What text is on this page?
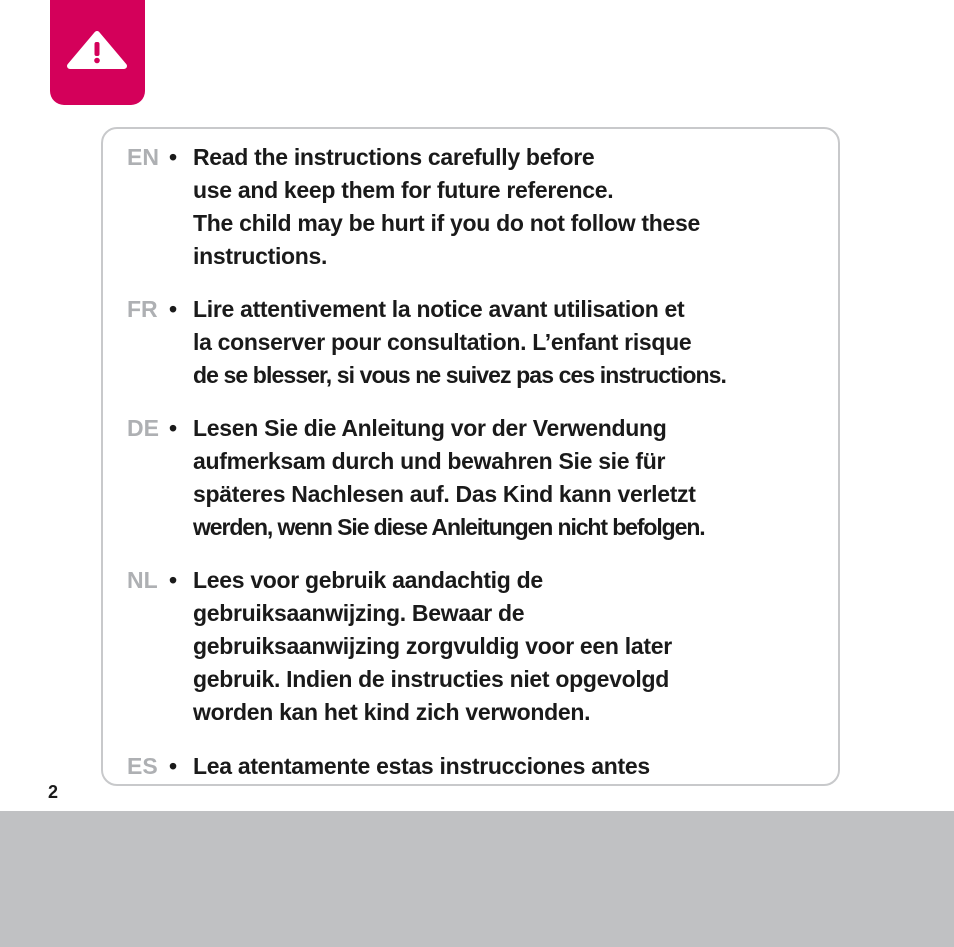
EN • Read the instructions carefully before
use and keep them for future reference.
The child may be hurt if you do not follow these
instructions.
FR • Lire attentivement la notice avant utilisation et
la conserver pour consultation. L’enfant risque
de se blesser, si vous ne suivez pas ces instructions.
DE • Lesen Sie die Anleitung vor der Verwendung
aufmerksam durch und bewahren Sie sie für
späteres Nachlesen auf. Das Kind kann verletzt
werden, wenn Sie diese Anleitungen nicht befolgen.
NL • Lees voor gebruik aandachtig de
gebruiksaanwijzing. Bewaar de
gebruiksaanwijzing zorgvuldig voor een later
gebruik. Indien de instructies niet opgevolgd
worden kan het kind zich verwonden.
ES • Lea atentamente estas instrucciones antes
2
